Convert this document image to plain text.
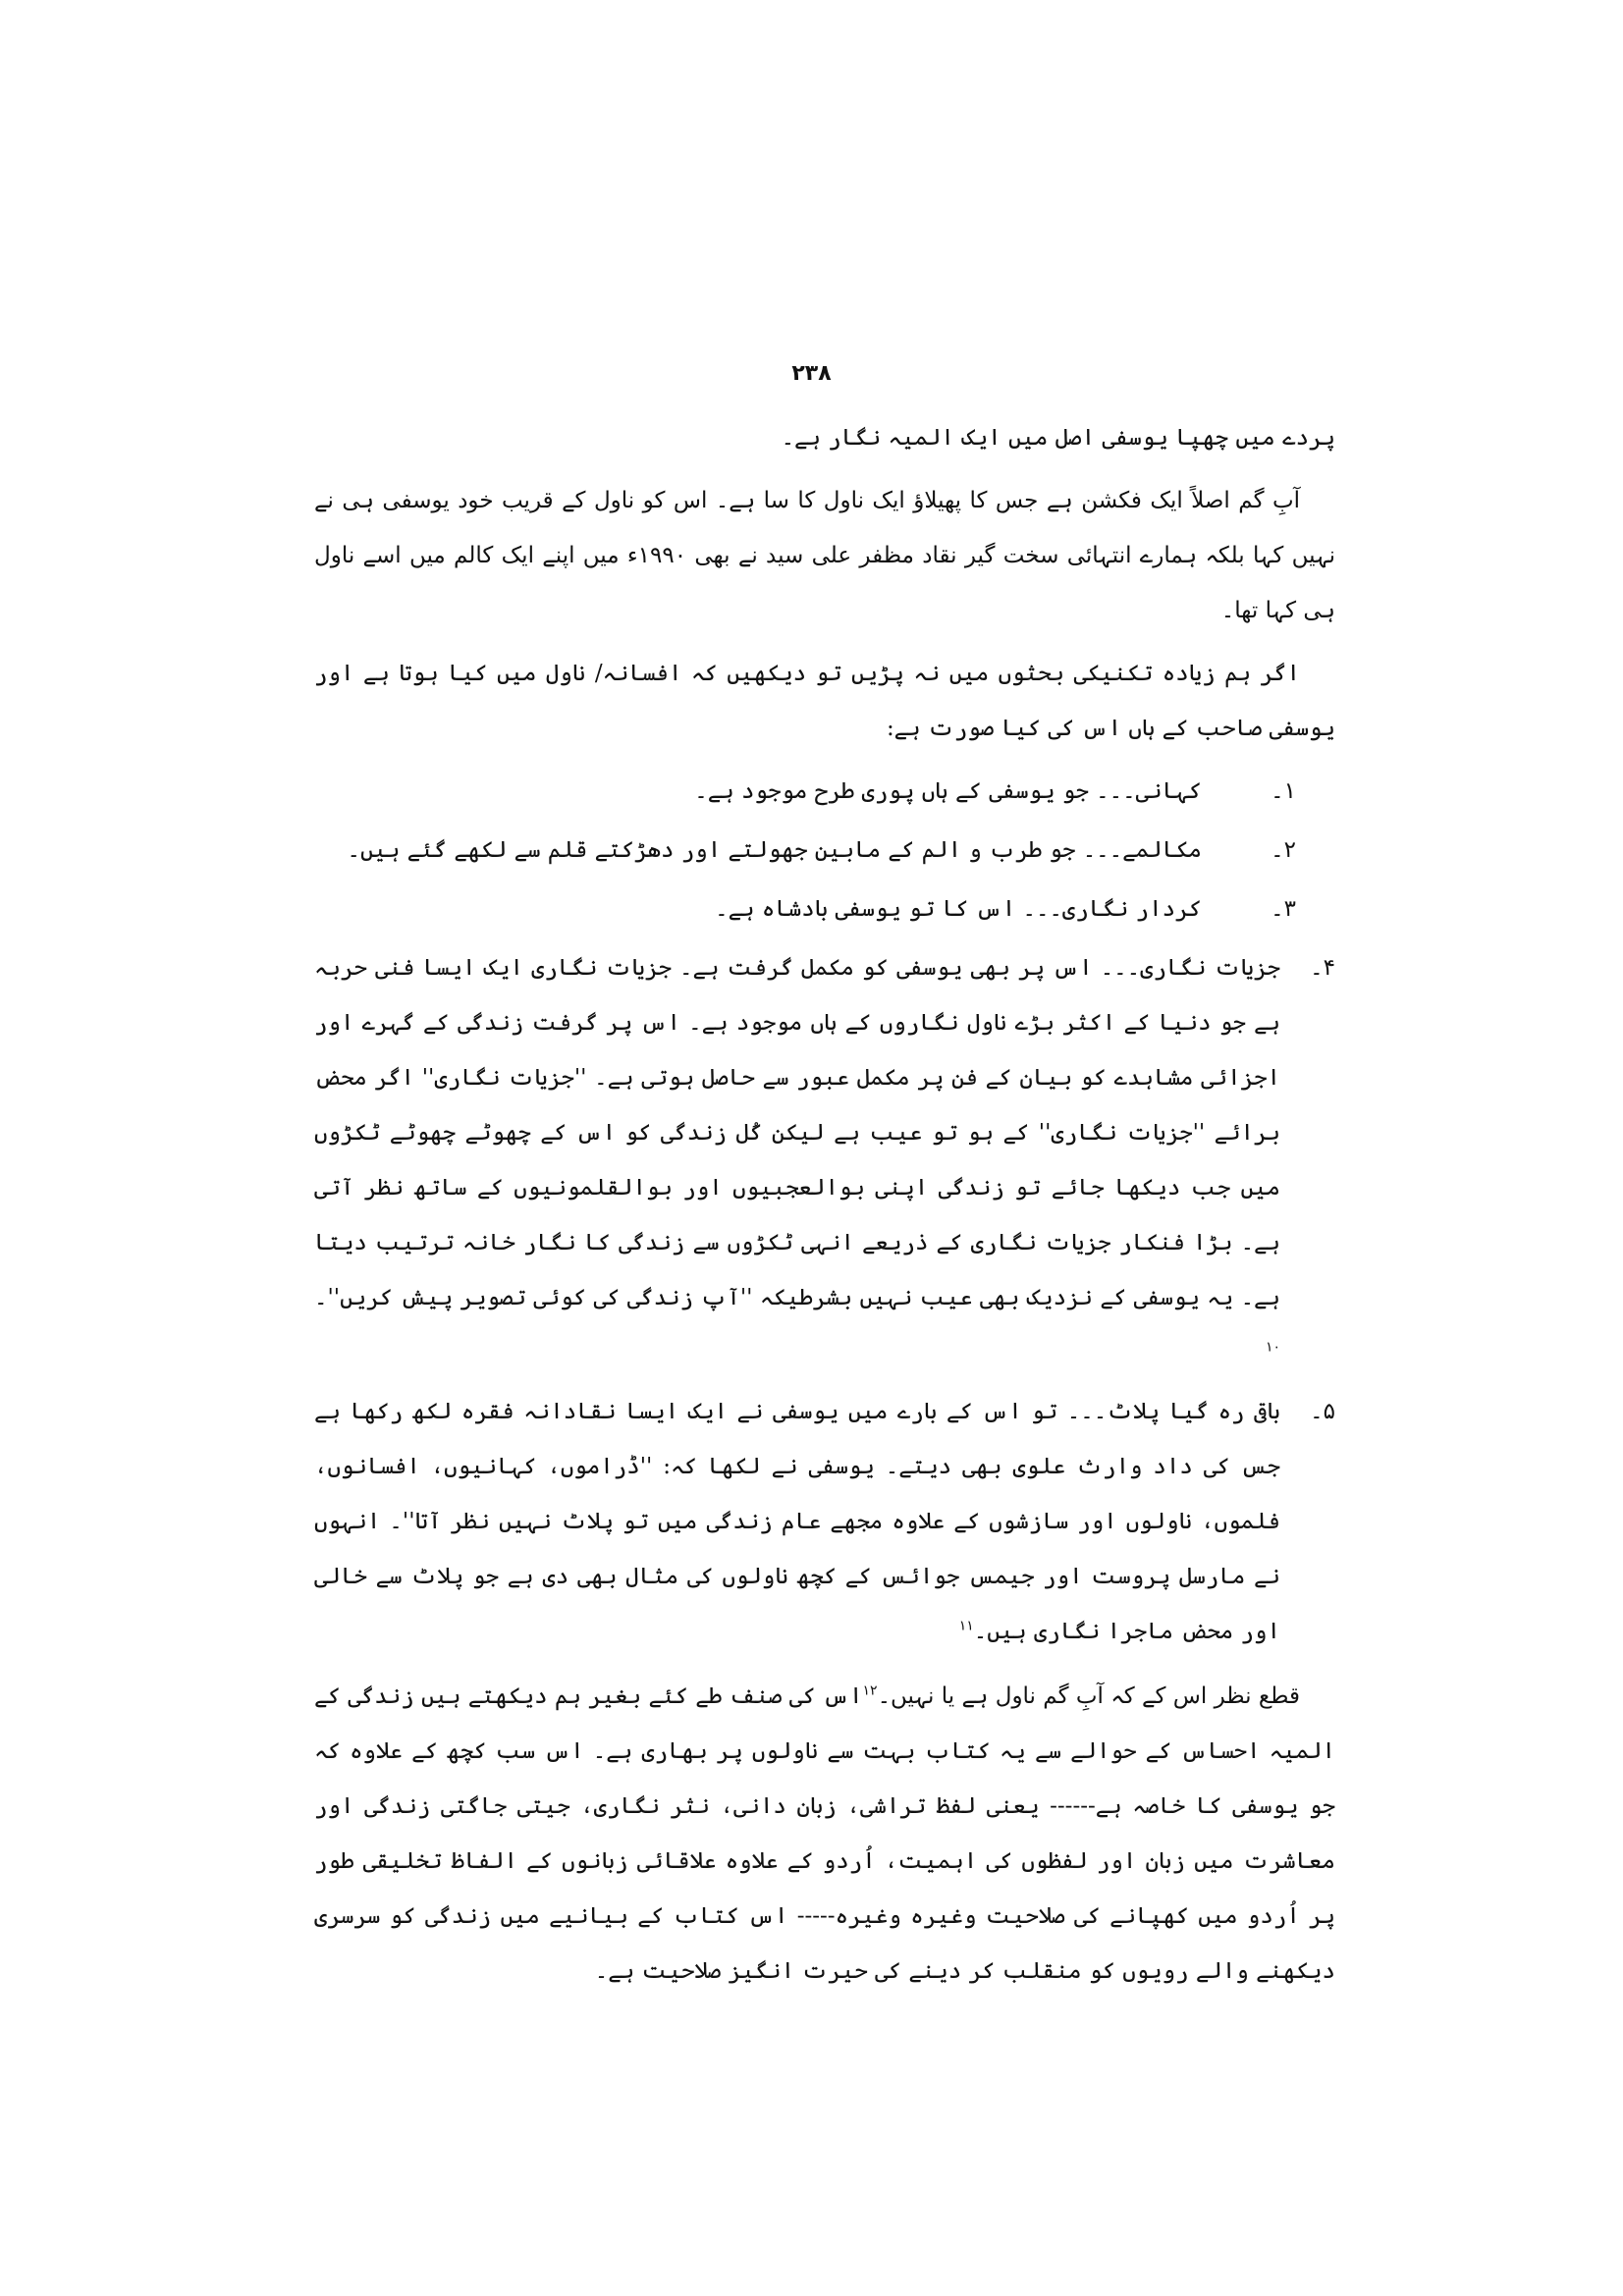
۲۳۸

پردے میں چھپا یوسفی اصل میں ایک المیہ نگار ہے۔

آبِ گم اصلاً ایک فکشن ہے جس کا پھیلاؤ ایک ناول کا سا ہے۔ اس کو ناول کے قریب خود یوسفی ہی نے نہیں کہا بلکہ ہمارے انتہائی سخت گیر نقاد مظفر علی سید نے بھی ۱۹۹۰ء میں اپنے ایک کالم میں اسے ناول ہی کہا تھا۔

اگر ہم زیادہ تکنیکی بحثوں میں نہ پڑیں تو دیکھیں کہ افسانہ/ ناول میں کیا ہوتا ہے اور یوسفی صاحب کے ہاں اس کی کیا صورت ہے:

۱۔
کہانی۔۔۔ جو یوسفی کے ہاں پوری طرح موجود ہے۔
۲۔
مکالمے۔۔۔ جو طرب و الم کے مابین جھولتے اور دھڑکتے قلم سے لکھے گئے ہیں۔
۳۔
کردار نگاری۔۔۔ اس کا تو یوسفی بادشاہ ہے۔
۴۔
جزیات نگاری۔۔۔ اس پر بھی یوسفی کو مکمل گرفت ہے۔ جزیات نگاری ایک ایسا فنی حربہ ہے جو دنیا کے اکثر بڑے ناول نگاروں کے ہاں موجود ہے۔ اس پر گرفت زندگی کے گہرے اور اجزائی مشاہدے کو بیان کے فن پر مکمل عبور سے حاصل ہوتی ہے۔ ''جزیات نگاری'' اگر محض برائے ''جزیات نگاری'' کے ہو تو عیب ہے لیکن کُل زندگی کو اس کے چھوٹے چھوٹے ٹکڑوں میں جب دیکھا جائے تو زندگی اپنی بوالعجبیوں اور بوالقلمونیوں کے ساتھ نظر آتی ہے۔ بڑا فنکار جزیات نگاری کے ذریعے انہی ٹکڑوں سے زندگی کا نگار خانہ ترتیب دیتا ہے۔ یہ یوسفی کے نزدیک بھی عیب نہیں بشرطیکہ ''آپ زندگی کی کوئی تصویر پیش کریں''۔$^{۱۰}$
۵۔
باقی رہ گیا پلاٹ۔۔۔ تو اس کے بارے میں یوسفی نے ایک ایسا نقادانہ فقرہ لکھ رکھا ہے جس کی داد وارث علوی بھی دیتے۔ یوسفی نے لکھا کہ: ''ڈراموں، کہانیوں، افسانوں، فلموں، ناولوں اور سازشوں کے علاوہ مجھے عام زندگی میں تو پلاٹ نہیں نظر آتا''۔ انہوں نے مارسل پروست اور جیمس جوائس کے کچھ ناولوں کی مثال بھی دی ہے جو پلاٹ سے خالی اور محض ماجرا نگاری ہیں۔$^{۱۱}$

قطع نظر اس کے کہ آبِ گم ناول ہے یا نہیں۔$^{۱۲}$اس کی صنف طے کئے بغیر ہم دیکھتے ہیں زندگی کے المیہ احساس کے حوالے سے یہ کتاب بہت سے ناولوں پر بھاری ہے۔ اس سب کچھ کے علاوہ کہ جو یوسفی کا خاصہ ہے------ یعنی لفظ تراشی، زبان دانی، نثر نگاری، جیتی جاگتی زندگی اور معاشرت میں زبان اور لفظوں کی اہمیت، اُردو کے علاوہ علاقائی زبانوں کے الفاظ تخلیقی طور پر اُردو میں کھپانے کی صلاحیت وغیرہ وغیرہ----- اس کتاب کے بیانیے میں زندگی کو سرسری دیکھنے والے رویوں کو منقلب کر دینے کی حیرت انگیز صلاحیت ہے۔
